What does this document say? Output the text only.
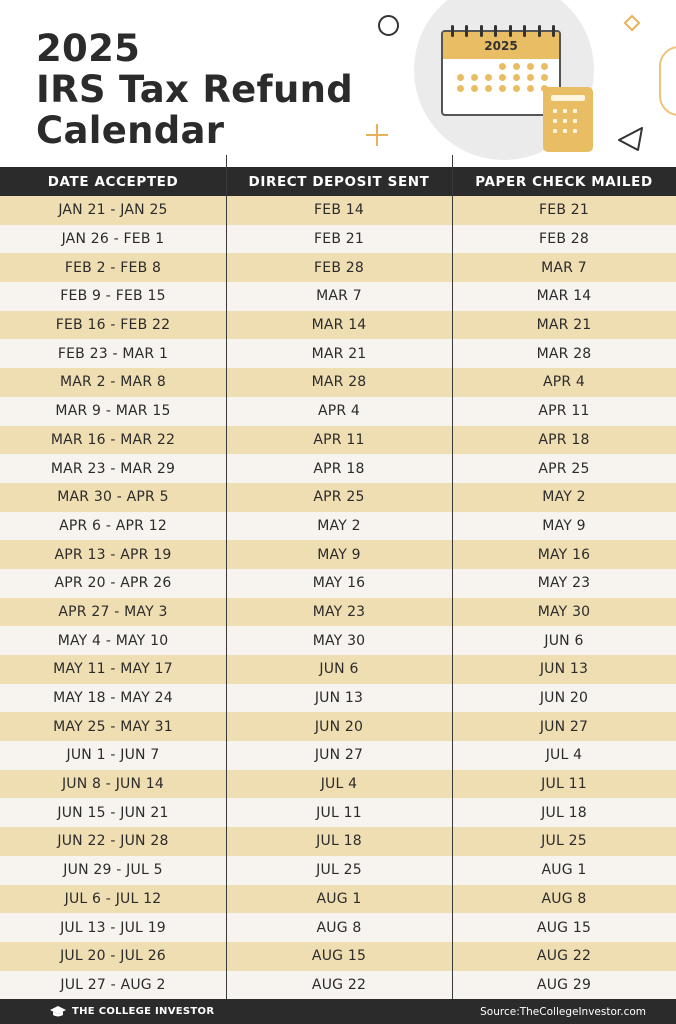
2025
IRS Tax Refund
Calendar
2025
DATE ACCEPTED	DIRECT DEPOSIT SENT	PAPER CHECK MAILED
JAN 21 - JAN 25	FEB 14	FEB 21
JAN 26 - FEB 1	FEB 21	FEB 28
FEB 2 - FEB 8	FEB 28	MAR 7
FEB 9 - FEB 15	MAR 7	MAR 14
FEB 16 - FEB 22	MAR 14	MAR 21
FEB 23 - MAR 1	MAR 21	MAR 28
MAR 2 - MAR 8	MAR 28	APR 4
MAR 9 - MAR 15	APR 4	APR 11
MAR 16 - MAR 22	APR 11	APR 18
MAR 23 - MAR 29	APR 18	APR 25
MAR 30 - APR 5	APR 25	MAY 2
APR 6 - APR 12	MAY 2	MAY 9
APR 13 - APR 19	MAY 9	MAY 16
APR 20 - APR 26	MAY 16	MAY 23
APR 27 - MAY 3	MAY 23	MAY 30
MAY 4 - MAY 10	MAY 30	JUN 6
MAY 11 - MAY 17	JUN 6	JUN 13
MAY 18 - MAY 24	JUN 13	JUN 20
MAY 25 - MAY 31	JUN 20	JUN 27
JUN 1 - JUN 7	JUN 27	JUL 4
JUN 8 - JUN 14	JUL 4	JUL 11
JUN 15 - JUN 21	JUL 11	JUL 18
JUN 22 - JUN 28	JUL 18	JUL 25
JUN 29 - JUL 5	JUL 25	AUG 1
JUL 6 - JUL 12	AUG 1	AUG 8
JUL 13 - JUL 19	AUG 8	AUG 15
JUL 20 - JUL 26	AUG 15	AUG 22
JUL 27 - AUG 2	AUG 22	AUG 29
THE COLLEGE INVESTOR	Source:TheCollegeInvestor.com
